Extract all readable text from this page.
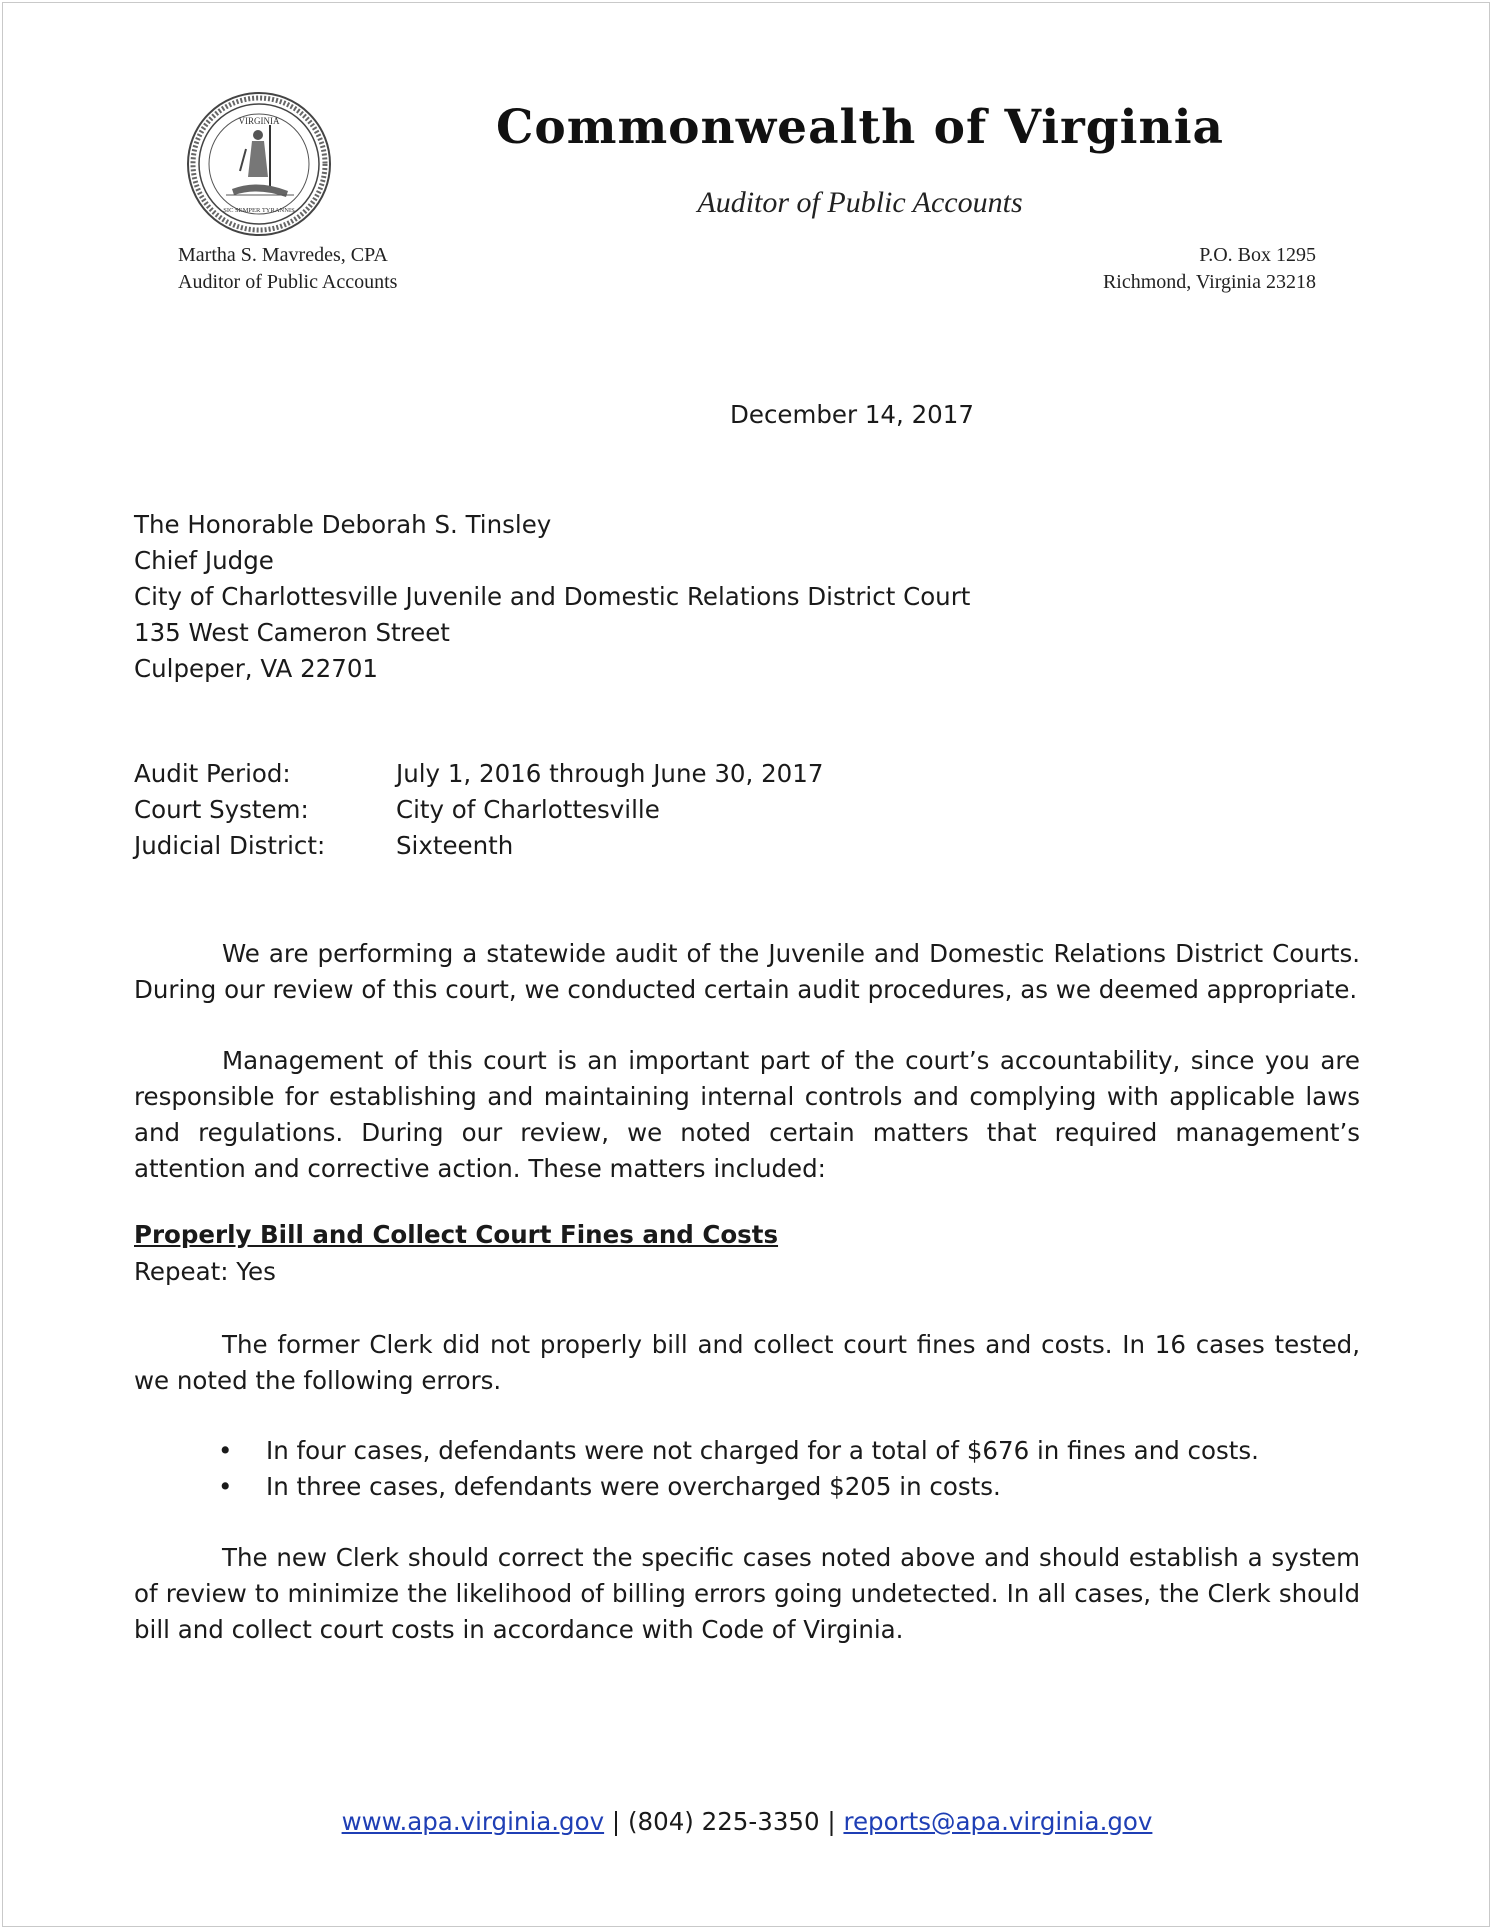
VIRGINIA
SIC SEMPER TYRANNIS
Commonwealth of Virginia
Auditor of Public Accounts
Martha S. Mavredes, CPA
Auditor of Public Accounts
P.O. Box 1295
Richmond, Virginia 23218
December 14, 2017
The Honorable Deborah S. Tinsley
Chief Judge
City of Charlottesville Juvenile and Domestic Relations District Court
135 West Cameron Street
Culpeper, VA 22701
Audit Period:	July 1, 2016 through June 30, 2017
Court System:	City of Charlottesville
Judicial District:	Sixteenth
We are performing a statewide audit of the Juvenile and Domestic Relations District Courts. During our review of this court, we conducted certain audit procedures, as we deemed appropriate.
Management of this court is an important part of the court’s accountability, since you are responsible for establishing and maintaining internal controls and complying with applicable laws and regulations. During our review, we noted certain matters that required management’s attention and corrective action. These matters included:
Properly Bill and Collect Court Fines and Costs
Repeat: Yes
The former Clerk did not properly bill and collect court fines and costs. In 16 cases tested, we noted the following errors.
•	In four cases, defendants were not charged for a total of $676 in fines and costs.
•	In three cases, defendants were overcharged $205 in costs.
The new Clerk should correct the specific cases noted above and should establish a system of review to minimize the likelihood of billing errors going undetected. In all cases, the Clerk should bill and collect court costs in accordance with Code of Virginia.
www.apa.virginia.gov | (804) 225-3350 | reports@apa.virginia.gov
